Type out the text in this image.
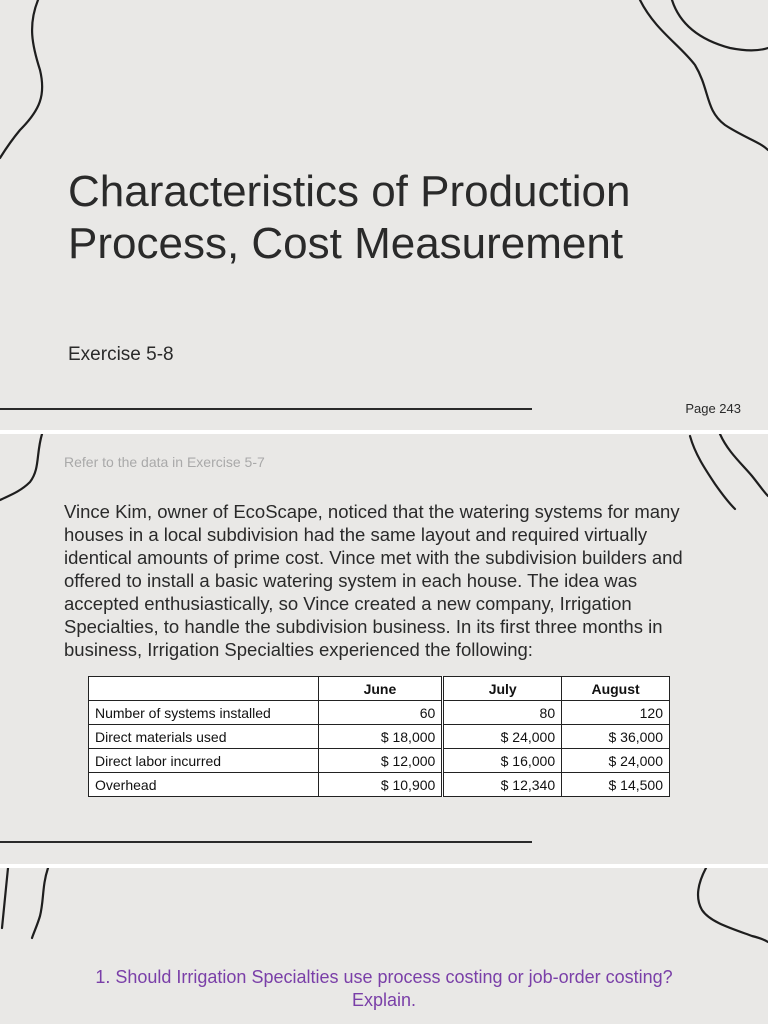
Characteristics of Production Process, Cost Measurement
Exercise 5-8
Page 243
Refer to the data in Exercise 5-7

Vince Kim, owner of EcoScape, noticed that the watering systems for many houses in a local subdivision had the same layout and required virtually identical amounts of prime cost. Vince met with the subdivision builders and offered to install a basic watering system in each house. The idea was accepted enthusiastically, so Vince created a new company, Irrigation Specialties, to handle the subdivision business. In its first three months in business, Irrigation Specialties experienced the following:

	June	July	August
Number of systems installed	60	80	120
Direct materials used	$ 18,000	$ 24,000	$ 36,000
Direct labor incurred	$ 12,000	$ 16,000	$ 24,000
Overhead	$ 10,900	$ 12,340	$ 14,500

1. Should Irrigation Specialties use process costing or job-order costing? Explain.
